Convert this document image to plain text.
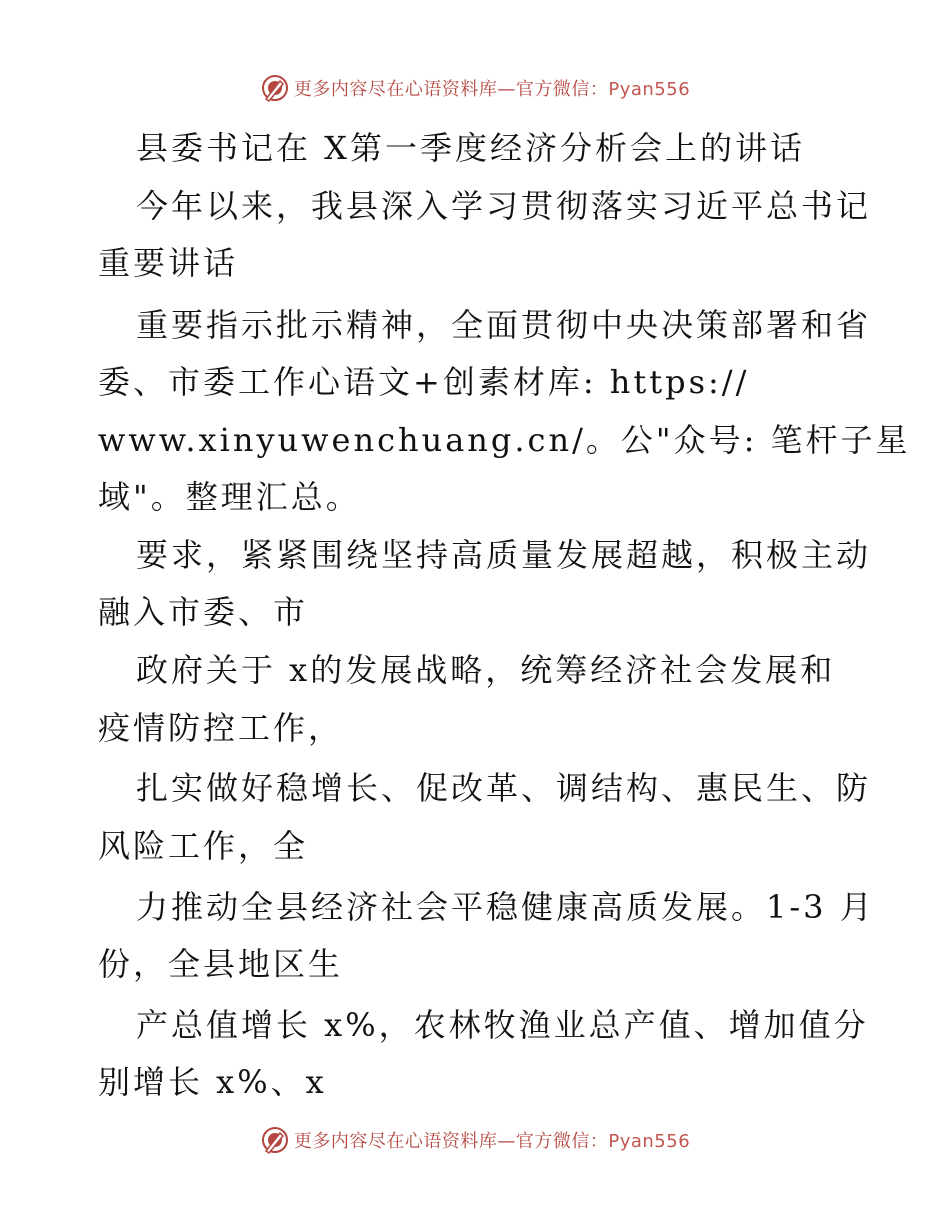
更多内容尽在心语资料库—官方微信：Pyan556
县委书记在 X第一季度经济分析会上的讲话
今年以来，我县深入学习贯彻落实习近平总书记
重要讲话
重要指示批示精神，全面贯彻中央决策部署和省
委、市委工作心语文+创素材库: https://
www.xinyuwenchuang.cn/。公"众号: 笔杆子星
域"。整理汇总。
要求，紧紧围绕坚持高质量发展超越，积极主动
融入市委、市
政府关于 x的发展战略，统筹经济社会发展和
疫情防控工作，
扎实做好稳增长、促改革、调结构、惠民生、防
风险工作，全
力推动全县经济社会平稳健康高质发展。1-3 月
份，全县地区生
产总值增长 x%，农林牧渔业总产值、增加值分
别增长 x%、x
更多内容尽在心语资料库—官方微信：Pyan556
